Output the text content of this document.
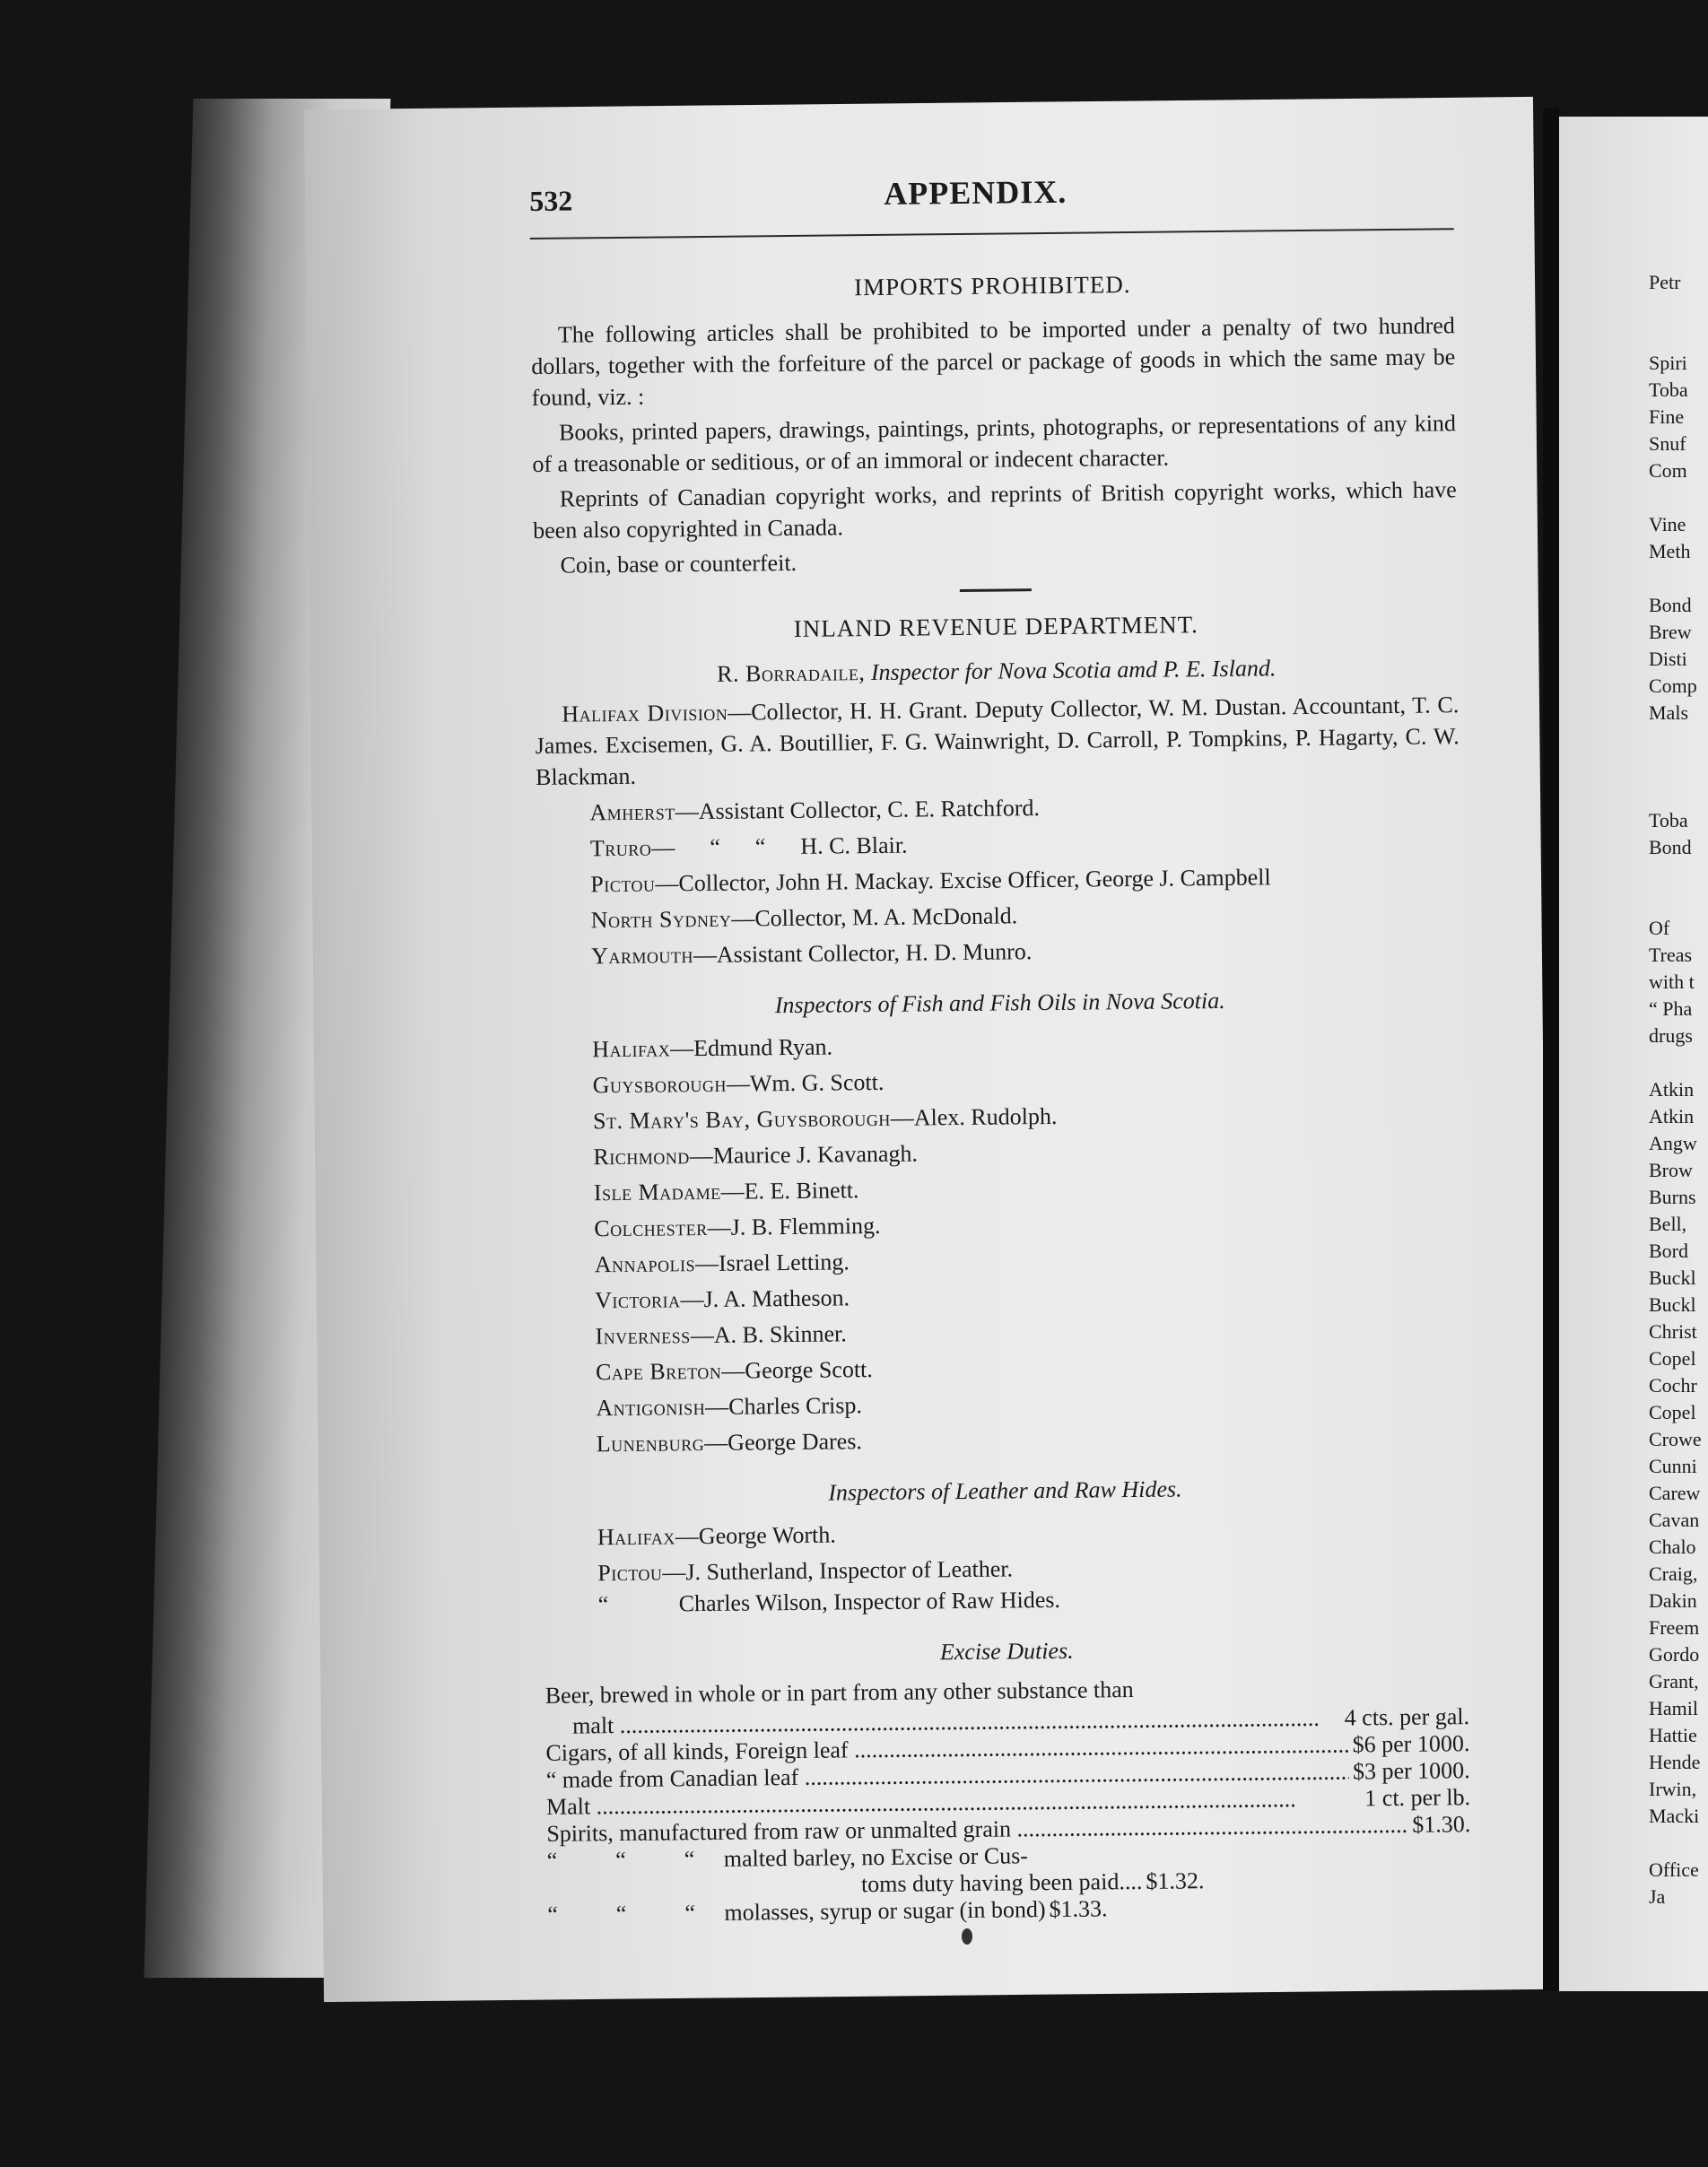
532	APPENDIX.
IMPORTS PROHIBITED.

The following articles shall be prohibited to be imported under a penalty of two hundred dollars, together with the forfeiture of the parcel or package of goods in which the same may be found, viz. :

Books, printed papers, drawings, paintings, prints, photographs, or representations of any kind of a treasonable or seditious, or of an immoral or indecent character.

Reprints of Canadian copyright works, and reprints of British copyright works, which have been also copyrighted in Canada.

Coin, base or counterfeit.

INLAND REVENUE DEPARTMENT.

R. Borradaile, Inspector for Nova Scotia amd P. E. Island.

Halifax Division—Collector, H. H. Grant. Deputy Collector, W. M. Dustan. Accountant, T. C. James. Excisemen, G. A. Boutillier, F. G. Wainwright, D. Carroll, P. Tompkins, P. Hagarty, C. W. Blackman.

Amherst—Assistant Collector, C. E. Ratchford.
Truro—      “      “      H. C. Blair.
Pictou—Collector, John H. Mackay. Excise Officer, George J. Campbell
North Sydney—Collector, M. A. McDonald.
Yarmouth—Assistant Collector, H. D. Munro.

Inspectors of Fish and Fish Oils in Nova Scotia.

Halifax—Edmund Ryan.
Guysborough—Wm. G. Scott.
St. Mary's Bay, Guysborough—Alex. Rudolph.
Richmond—Maurice J. Kavanagh.
Isle Madame—E. E. Binett.
Colchester—J. B. Flemming.
Annapolis—Israel Letting.
Victoria—J. A. Matheson.
Inverness—A. B. Skinner.
Cape Breton—George Scott.
Antigonish—Charles Crisp.
Lunenburg—George Dares.

Inspectors of Leather and Raw Hides.

Halifax—George Worth.
Pictou—J. Sutherland, Inspector of Leather.
“	Charles Wilson, Inspector of Raw Hides.

Excise Duties.

Beer, brewed in whole or in part from any other substance than

malt .....	4 cts. per gal.
Cigars, of all kinds, Foreign leaf .....	$6 per 1000.
“ made from Canadian leaf .....	$3 per 1000.
Malt .....	1 ct. per lb.
Spirits, manufactured from raw or unmalted grain .....	$1.30.
“          “          “     malted barley, no Excise or Cus-
toms duty having been paid.... $1.32.
“          “          “     molasses, syrup or sugar (in bond) $1.33.
Petr
Spiri
Toba
Fine
Snuf
Com
Vine
Meth
Bond
Brew
Disti
Comp
Mals
Toba
Bond
Of
Treas
with t
“ Pha
drugs
Atkin
Atkin
Angw
Brow
Burns
Bell,
Bord
Buckl
Buckl
Christ
Copel
Cochr
Copel
Crowe
Cunni
Carew
Cavan
Chalo
Craig,
Dakin
Freem
Gordo
Grant,
Hamil
Hattie
Hende
Irwin,
Macki
Office
Ja
